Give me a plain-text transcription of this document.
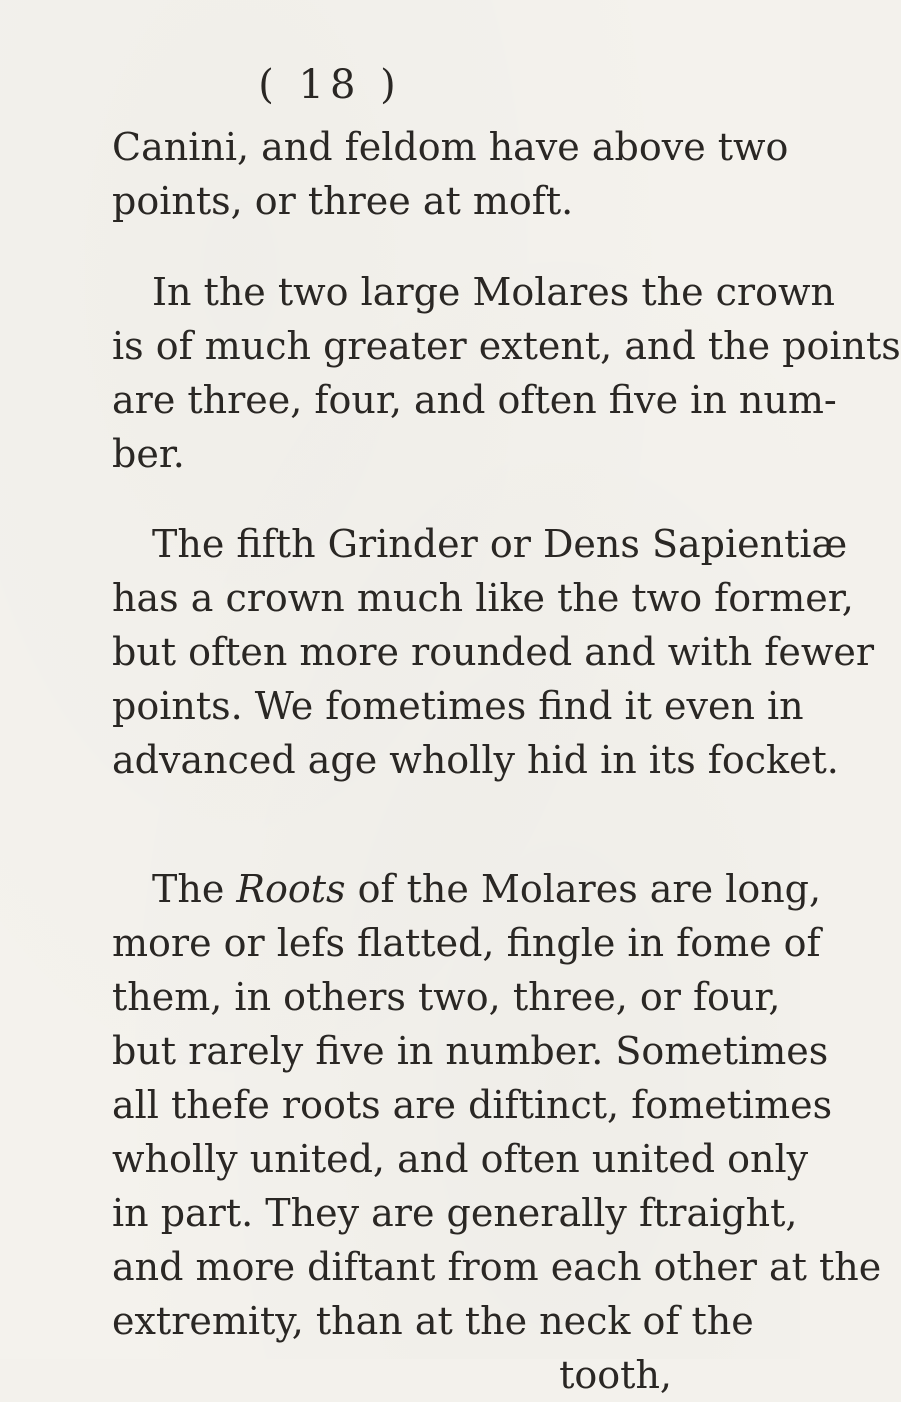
( 18 )
Canini, and feldom have above two
points, or three at moft.
In the two large Molares the crown
is of much greater extent, and the points
are three, four, and often five in num-
ber.
The fifth Grinder or Dens Sapientiæ
has a crown much like the two former,
but often more rounded and with fewer
points. We fometimes find it even in
advanced age wholly hid in its focket.
The Roots of the Molares are long,
more or lefs flatted, fingle in fome of
them, in others two, three, or four,
but rarely five in number. Sometimes
all thefe roots are diftinct, fometimes
wholly united, and often united only
in part. They are generally ftraight,
and more diftant from each other at the
extremity, than at the neck of the
tooth,
